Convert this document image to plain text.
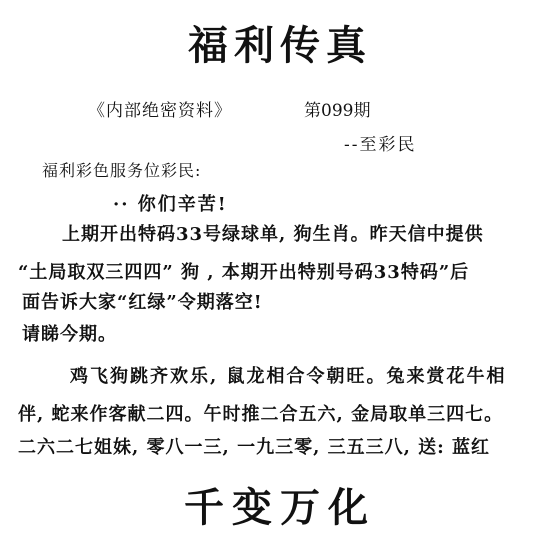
福利传真
《内部绝密资料》	第099期
--至彩民
福利彩色服务位彩民:
·· 你们辛苦!
上期开出特码33号绿球单, 狗生肖。昨天信中提供
“土局取双三四四” 狗 , 本期开出特别号码33特码”后
面告诉大家“红绿”令期落空!
请睇今期。
鸡飞狗跳齐欢乐, 鼠龙相合令朝旺。兔来赏花牛相
伴, 蛇来作客献二四。午时推二合五六, 金局取单三四七。
二六二七姐妹, 零八一三, 一九三零, 三五三八, 送: 蓝红
千变万化
